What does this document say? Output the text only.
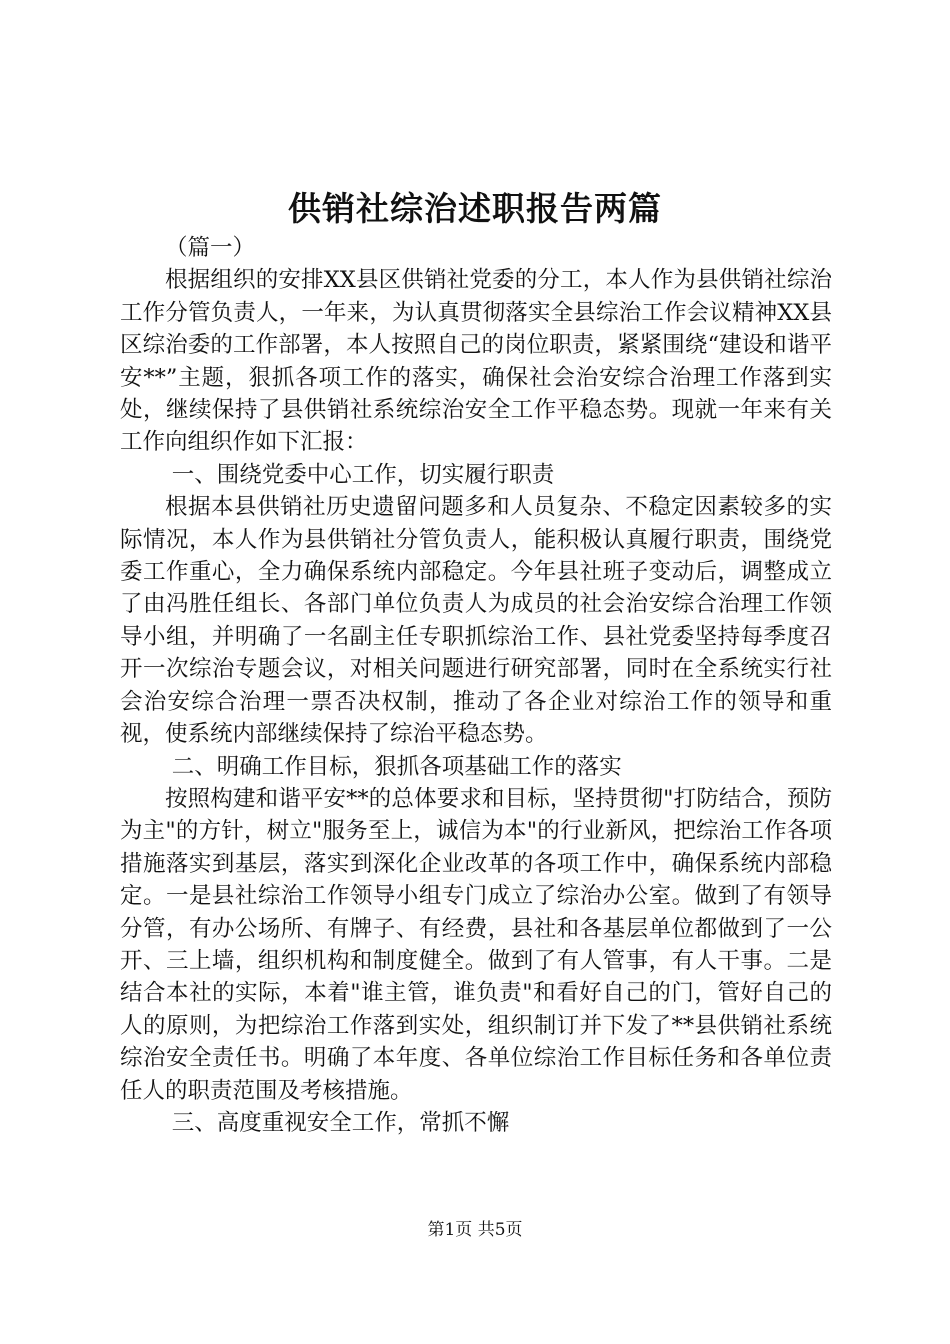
供销社综治述职报告两篇

（篇一）

根据组织的安排XX县区供销社党委的分工，本人作为县供销社综治工作分管负责人，一年来，为认真贯彻落实全县综治工作会议精神XX县区综治委的工作部署，本人按照自己的岗位职责，紧紧围绕“建设和谐平安**”主题，狠抓各项工作的落实，确保社会治安综合治理工作落到实处，继续保持了县供销社系统综治安全工作平稳态势。现就一年来有关工作向组织作如下汇报：

一、围绕党委中心工作，切实履行职责

根据本县供销社历史遗留问题多和人员复杂、不稳定因素较多的实际情况，本人作为县供销社分管负责人，能积极认真履行职责，围绕党委工作重心，全力确保系统内部稳定。今年县社班子变动后，调整成立了由冯胜任组长、各部门单位负责人为成员的社会治安综合治理工作领导小组，并明确了一名副主任专职抓综治工作、县社党委坚持每季度召开一次综治专题会议，对相关问题进行研究部署，同时在全系统实行社会治安综合治理一票否决权制，推动了各企业对综治工作的领导和重视，使系统内部继续保持了综治平稳态势。

二、明确工作目标，狠抓各项基础工作的落实

按照构建和谐平安**的总体要求和目标，坚持贯彻"打防结合，预防为主"的方针，树立"服务至上，诚信为本"的行业新风，把综治工作各项措施落实到基层，落实到深化企业改革的各项工作中，确保系统内部稳定。一是县社综治工作领导小组专门成立了综治办公室。做到了有领导分管，有办公场所、有牌子、有经费，县社和各基层单位都做到了一公开、三上墙，组织机构和制度健全。做到了有人管事，有人干事。二是结合本社的实际，本着"谁主管，谁负责"和看好自己的门，管好自己的人的原则，为把综治工作落到实处，组织制订并下发了**县供销社系统综治安全责任书。明确了本年度、各单位综治工作目标任务和各单位责任人的职责范围及考核措施。

三、高度重视安全工作，常抓不懈

第1页 共5页
